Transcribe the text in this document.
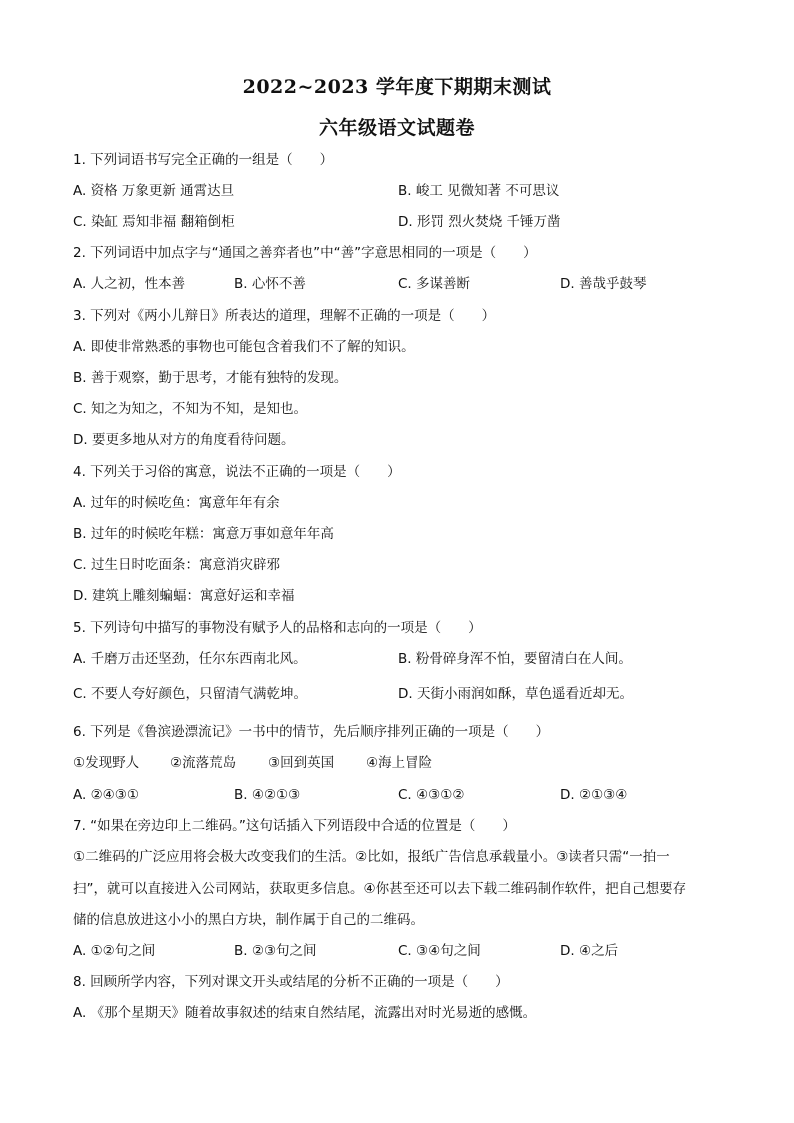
2022~2023 学年度下期期末测试
六年级语文试题卷
1. 下列词语书写完全正确的一组是（　　）
A. 资格 万象更新 通霄达旦	B. 峻工 见微知著 不可思议
C. 染缸 焉知非福 翻箱倒柜	D. 形罚 烈火焚烧 千锤万凿
2. 下列词语中加点字与“通国之善弈者也”中“善”字意思相同的一项是（　　）
A. 人之初，性本善	B. 心怀不善	C. 多谋善断	D. 善哉乎鼓琴
3. 下列对《两小儿辩日》所表达的道理，理解不正确的一项是（　　）
A. 即使非常熟悉的事物也可能包含着我们不了解的知识。
B. 善于观察，勤于思考，才能有独特的发现。
C. 知之为知之，不知为不知，是知也。
D. 要更多地从对方的角度看待问题。
4. 下列关于习俗的寓意，说法不正确的一项是（　　）
A. 过年的时候吃鱼：寓意年年有余
B. 过年的时候吃年糕：寓意万事如意年年高
C. 过生日时吃面条：寓意消灾辟邪
D. 建筑上雕刻蝙蝠：寓意好运和幸福
5. 下列诗句中描写的事物没有赋予人的品格和志向的一项是（　　）
A. 千磨万击还坚劲，任尔东西南北风。	B. 粉骨碎身浑不怕，要留清白在人间。
C. 不要人夸好颜色，只留清气满乾坤。	D. 天街小雨润如酥，草色遥看近却无。
6. 下列是《鲁滨逊漂流记》一书中的情节，先后顺序排列正确的一项是（　　）
①发现野人 ②流落荒岛 ③回到英国 ④海上冒险
A. ②④③①	B. ④②①③	C. ④③①②	D. ②①③④
7. “如果在旁边印上二维码。”这句话插入下列语段中合适的位置是（　　）
①二维码的广泛应用将会极大改变我们的生活。②比如，报纸广告信息承载量小。③读者只需“一拍一
扫”，就可以直接进入公司网站，获取更多信息。④你甚至还可以去下载二维码制作软件，把自己想要存
储的信息放进这小小的黑白方块，制作属于自己的二维码。
A. ①②句之间	B. ②③句之间	C. ③④句之间	D. ④之后
8. 回顾所学内容，下列对课文开头或结尾的分析不正确的一项是（　　）
A. 《那个星期天》随着故事叙述的结束自然结尾，流露出对时光易逝的感慨。
